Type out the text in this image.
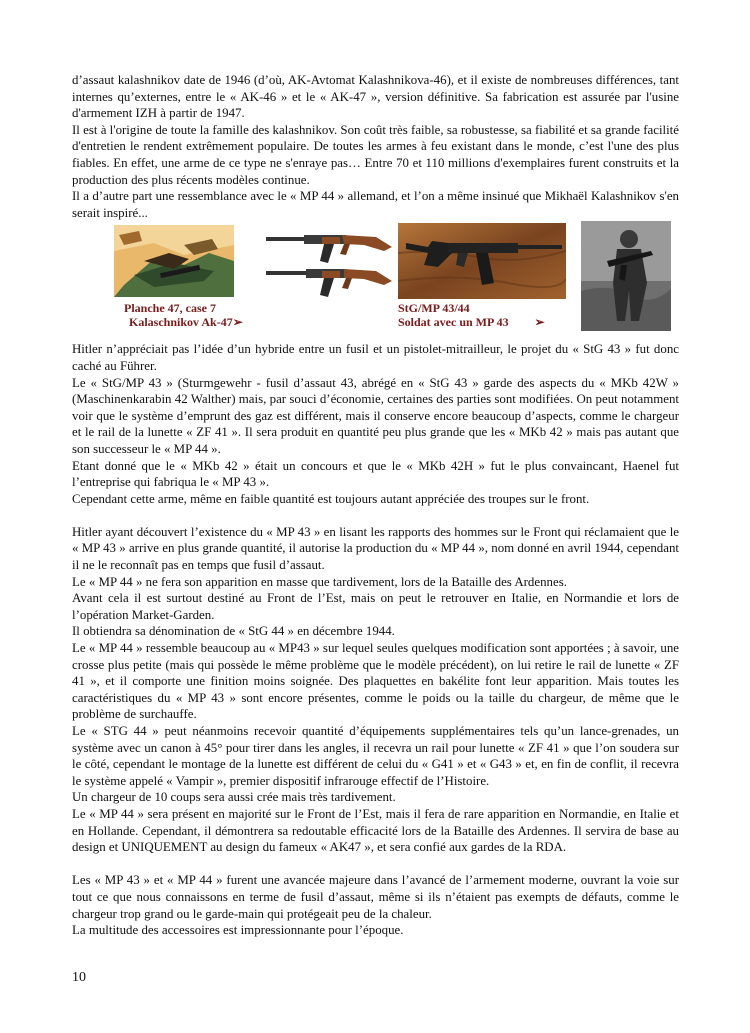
d’assaut kalashnikov date de 1946 (d’où, AK-Avtomat Kalashnikova-46), et il existe de nombreuses différences, tant internes qu’externes, entre le « AK-46 » et le « AK-47 », version définitive. Sa fabrication est assurée par l'usine d'armement IZH à partir de 1947.

Il est à l'origine de toute la famille des kalashnikov. Son coût très faible, sa robustesse, sa fiabilité et sa grande facilité d'entretien le rendent extrêmement populaire. De toutes les armes à feu existant dans le monde, c’est l'une des plus fiables. En effet, une arme de ce type ne s'enraye pas… Entre 70 et 110 millions d'exemplaires furent construits et la production des plus récents modèles continue.

Il a d’autre part une ressemblance avec le « MP 44 » allemand, et l’on a même insinué que Mikhaël Kalashnikov s'en serait inspiré...

Planche 47, case 7
Kalaschnikov Ak-47➢
StG/MP 43/44
Soldat avec un MP 43 ➢

Hitler n’appréciait pas l’idée d’un hybride entre un fusil et un pistolet-mitrailleur, le projet du « StG 43 » fut donc caché au Führer.

Le « StG/MP 43 » (Sturmgewehr - fusil d’assaut 43, abrégé en « StG 43 » garde des aspects du « MKb 42W » (Maschinenkarabin 42 Walther) mais, par souci d’économie, certaines des parties sont modifiées. On peut notamment voir que le système d’emprunt des gaz est différent, mais il conserve encore beaucoup d’aspects, comme le chargeur et le rail de la lunette « ZF 41 ». Il sera produit en quantité peu plus grande que les « MKb 42 » mais pas autant que son successeur le « MP 44 ».

Etant donné que le « MKb 42 » était un concours et que le « MKb 42H » fut le plus convaincant, Haenel fut l’entreprise qui fabriqua le « MP 43 ».

Cependant cette arme, même en faible quantité est toujours autant appréciée des troupes sur le front.

Hitler ayant découvert l’existence du « MP 43 » en lisant les rapports des hommes sur le Front qui réclamaient que le « MP 43 » arrive en plus grande quantité, il autorise la production du « MP 44 », nom donné en avril 1944, cependant il ne le reconnaît pas en temps que fusil d’assaut.

Le « MP 44 » ne fera son apparition en masse que tardivement, lors de la Bataille des Ardennes.

Avant cela il est surtout destiné au Front de l’Est, mais on peut le retrouver en Italie, en Normandie et lors de l’opération Market-Garden.

Il obtiendra sa dénomination de « StG 44 » en décembre 1944.

Le « MP 44 » ressemble beaucoup au « MP43 » sur lequel seules quelques modification sont apportées ; à savoir, une crosse plus petite (mais qui possède le même problème que le modèle précédent), on lui retire le rail de lunette « ZF 41 », et il comporte une finition moins soignée. Des plaquettes en bakélite font leur apparition. Mais toutes les caractéristiques du « MP 43 » sont encore présentes, comme le poids ou la taille du chargeur, de même que le problème de surchauffe.

Le « STG 44 » peut néanmoins recevoir quantité d’équipements supplémentaires tels qu’un lance-grenades, un système avec un canon à 45° pour tirer dans les angles, il recevra un rail pour lunette « ZF 41 » que l’on soudera sur le côté, cependant le montage de la lunette est différent de celui du « G41 » et « G43 » et, en fin de conflit, il recevra le système appelé « Vampir », premier dispositif infrarouge effectif de l’Histoire.

Un chargeur de 10 coups sera aussi crée mais très tardivement.

Le « MP 44 » sera présent en majorité sur le Front de l’Est, mais il fera de rare apparition en Normandie, en Italie et en Hollande. Cependant, il démontrera sa redoutable efficacité lors de la Bataille des Ardennes. Il servira de base au design et UNIQUEMENT au design du fameux « AK47 », et sera confié aux gardes de la RDA.

Les « MP 43 » et « MP 44 » furent une avancée majeure dans l’avancé de l’armement moderne, ouvrant la voie sur tout ce que nous connaissons en terme de fusil d’assaut, même si ils n’étaient pas exempts de défauts, comme le chargeur trop grand ou le garde-main qui protégeait peu de la chaleur.

La multitude des accessoires est impressionnante pour l’époque.

10
